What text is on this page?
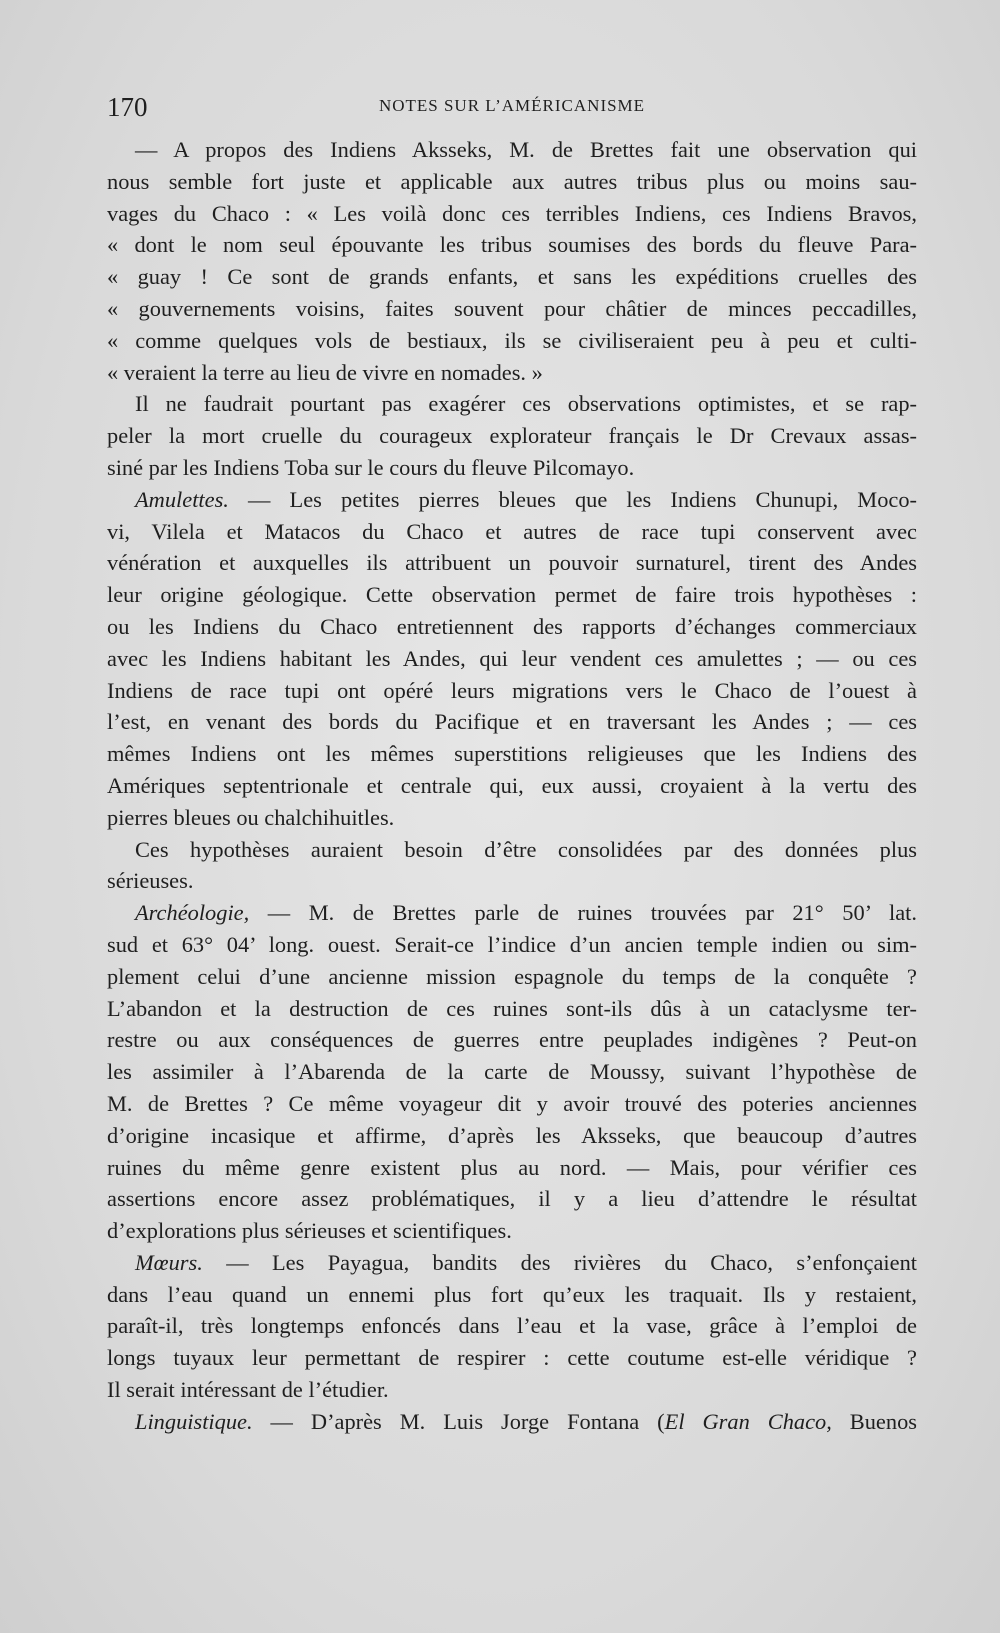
170	NOTES SUR L’AMÉRICANISME
— A propos des Indiens Aksseks, M. de Brettes fait une observation qui
nous semble fort juste et applicable aux autres tribus plus ou moins sau-
vages du Chaco : « Les voilà donc ces terribles Indiens, ces Indiens Bravos,
« dont le nom seul épouvante les tribus soumises des bords du fleuve Para-
« guay ! Ce sont de grands enfants, et sans les expéditions cruelles des
« gouvernements voisins, faites souvent pour châtier de minces peccadilles,
« comme quelques vols de bestiaux, ils se civiliseraient peu à peu et culti-
« veraient la terre au lieu de vivre en nomades. »
Il ne faudrait pourtant pas exagérer ces observations optimistes, et se rap-
peler la mort cruelle du courageux explorateur français le Dr Crevaux assas-
siné par les Indiens Toba sur le cours du fleuve Pilcomayo.
Amulettes. — Les petites pierres bleues que les Indiens Chunupi, Moco-
vi, Vilela et Matacos du Chaco et autres de race tupi conservent avec
vénération et auxquelles ils attribuent un pouvoir surnaturel, tirent des Andes
leur origine géologique. Cette observation permet de faire trois hypothèses :
ou les Indiens du Chaco entretiennent des rapports d’échanges commerciaux
avec les Indiens habitant les Andes, qui leur vendent ces amulettes ; — ou ces
Indiens de race tupi ont opéré leurs migrations vers le Chaco de l’ouest à
l’est, en venant des bords du Pacifique et en traversant les Andes ; — ces
mêmes Indiens ont les mêmes superstitions religieuses que les Indiens des
Amériques septentrionale et centrale qui, eux aussi, croyaient à la vertu des
pierres bleues ou chalchihuitles.
Ces hypothèses auraient besoin d’être consolidées par des données plus
sérieuses.
Archéologie, — M. de Brettes parle de ruines trouvées par 21° 50’ lat.
sud et 63° 04’ long. ouest. Serait-ce l’indice d’un ancien temple indien ou sim-
plement celui d’une ancienne mission espagnole du temps de la conquête ?
L’abandon et la destruction de ces ruines sont-ils dûs à un cataclysme ter-
restre ou aux conséquences de guerres entre peuplades indigènes ? Peut-on
les assimiler à l’Abarenda de la carte de Moussy, suivant l’hypothèse de
M. de Brettes ? Ce même voyageur dit y avoir trouvé des poteries anciennes
d’origine incasique et affirme, d’après les Aksseks, que beaucoup d’autres
ruines du même genre existent plus au nord. — Mais, pour vérifier ces
assertions encore assez problématiques, il y a lieu d’attendre le résultat
d’explorations plus sérieuses et scientifiques.
Mœurs. — Les Payagua, bandits des rivières du Chaco, s’enfonçaient
dans l’eau quand un ennemi plus fort qu’eux les traquait. Ils y restaient,
paraît-il, très longtemps enfoncés dans l’eau et la vase, grâce à l’emploi de
longs tuyaux leur permettant de respirer : cette coutume est-elle véridique ?
Il serait intéressant de l’étudier.
Linguistique. — D’après M. Luis Jorge Fontana (El Gran Chaco, Buenos
